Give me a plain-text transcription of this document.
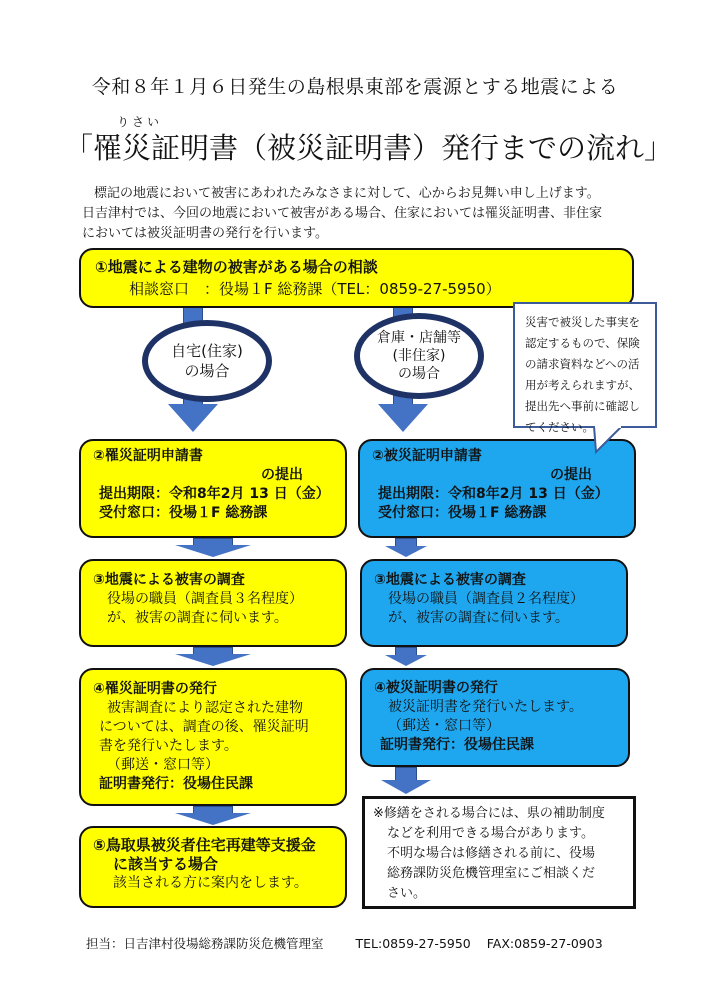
令和８年１月６日発生の島根県東部を震源とする地震による
りさい
「罹災証明書（被災証明書）発行までの流れ」

標記の地震において被害にあわれたみなさまに対して、心からお見舞い申し上げます。

日吉津村では、今回の地震において被害がある場合、住家においては罹災証明書、非住家

においては被災証明書の発行を行います。

①地震による建物の被害がある場合の相談
相談窓口　：役場１F 総務課（TEL：0859-27-5950）
自宅(住家)
の場合
倉庫・店舗等
(非住家)
の場合
災害で被災した事実を
認定するもので、保険
の請求資料などへの活
用が考えられますが、
提出先へ事前に確認し
てください。
②罹災証明申請書
の提出
提出期限：令和8年2月 13 日（金）
受付窓口：役場１F 総務課
③地震による被害の調査
役場の職員（調査員３名程度）
が、被害の調査に伺います。
④罹災証明書の発行
被害調査により認定された建物
については、調査の後、罹災証明
書を発行いたします。
（郵送・窓口等）
証明書発行：役場住民課
⑤鳥取県被災者住宅再建等支援金
に該当する場合
該当される方に案内をします。
②被災証明申請書
の提出
提出期限：令和8年2月 13 日（金）
受付窓口：役場１F 総務課
③地震による被害の調査
役場の職員（調査員２名程度）
が、被害の調査に伺います。
④被災証明書の発行
被災証明書を発行いたします。
（郵送・窓口等）
証明書発行：役場住民課
※修繕をされる場合には、県の補助制度
などを利用できる場合があります。
不明な場合は修繕される前に、役場
総務課防災危機管理室にご相談くだ
さい。
担当：日吉津村役場総務課防災危機管理室	TEL:0859-27-5950 FAX:0859-27-0903
